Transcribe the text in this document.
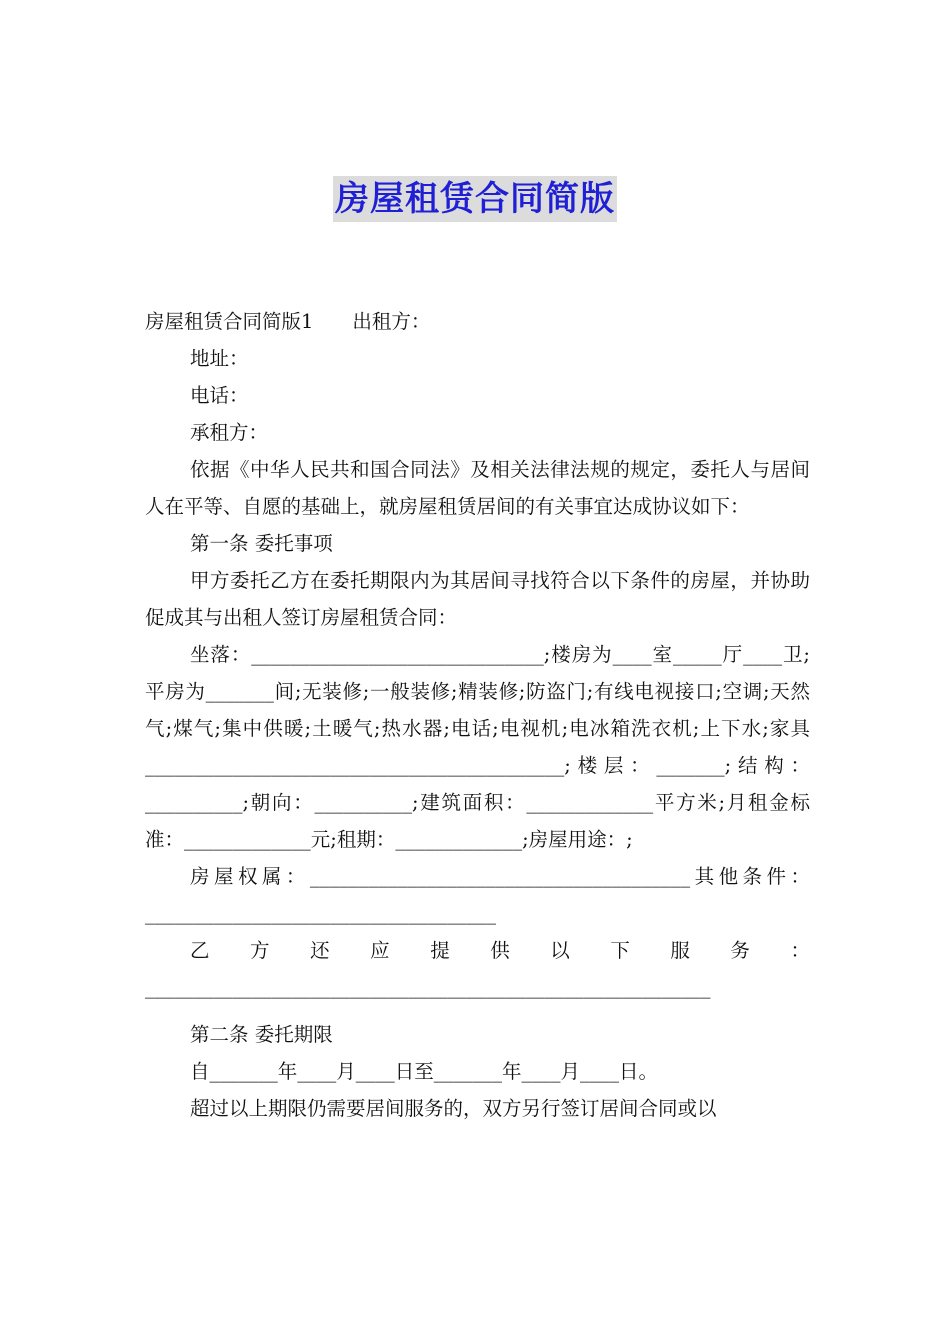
房屋租赁合同简版

房屋租赁合同简版1　　出租方：

地址：

电话：

承租方：

依据《中华人民共和国合同法》及相关法律法规的规定，委托人与居间人在平等、自愿的基础上，就房屋租赁居间的有关事宜达成协议如下：

第一条 委托事项

甲方委托乙方在委托期限内为其居间寻找符合以下条件的房屋，并协助促成其与出租人签订房屋租赁合同：

坐落：______________________________;楼房为____室_____厅____卫;平房为_______间;无装修;一般装修;精装修;防盗门;有线电视接口;空调;天然气;煤气;集中供暖;土暖气;热水器;电话;电视机;电冰箱洗衣机;上下水;家具___________________________________________;楼层：_______;结构：__________;朝向：__________;建筑面积：_____________平方米;月租金标准：_____________元;租期：_____________;房屋用途：;

房屋权属：_______________________________________其他条件：____________________________________

乙方还应提供以下服务：__________________________________________________________

第二条 委托期限

自_______年____月____日至_______年____月____日。

超过以上期限仍需要居间服务的，双方另行签订居间合同或以
